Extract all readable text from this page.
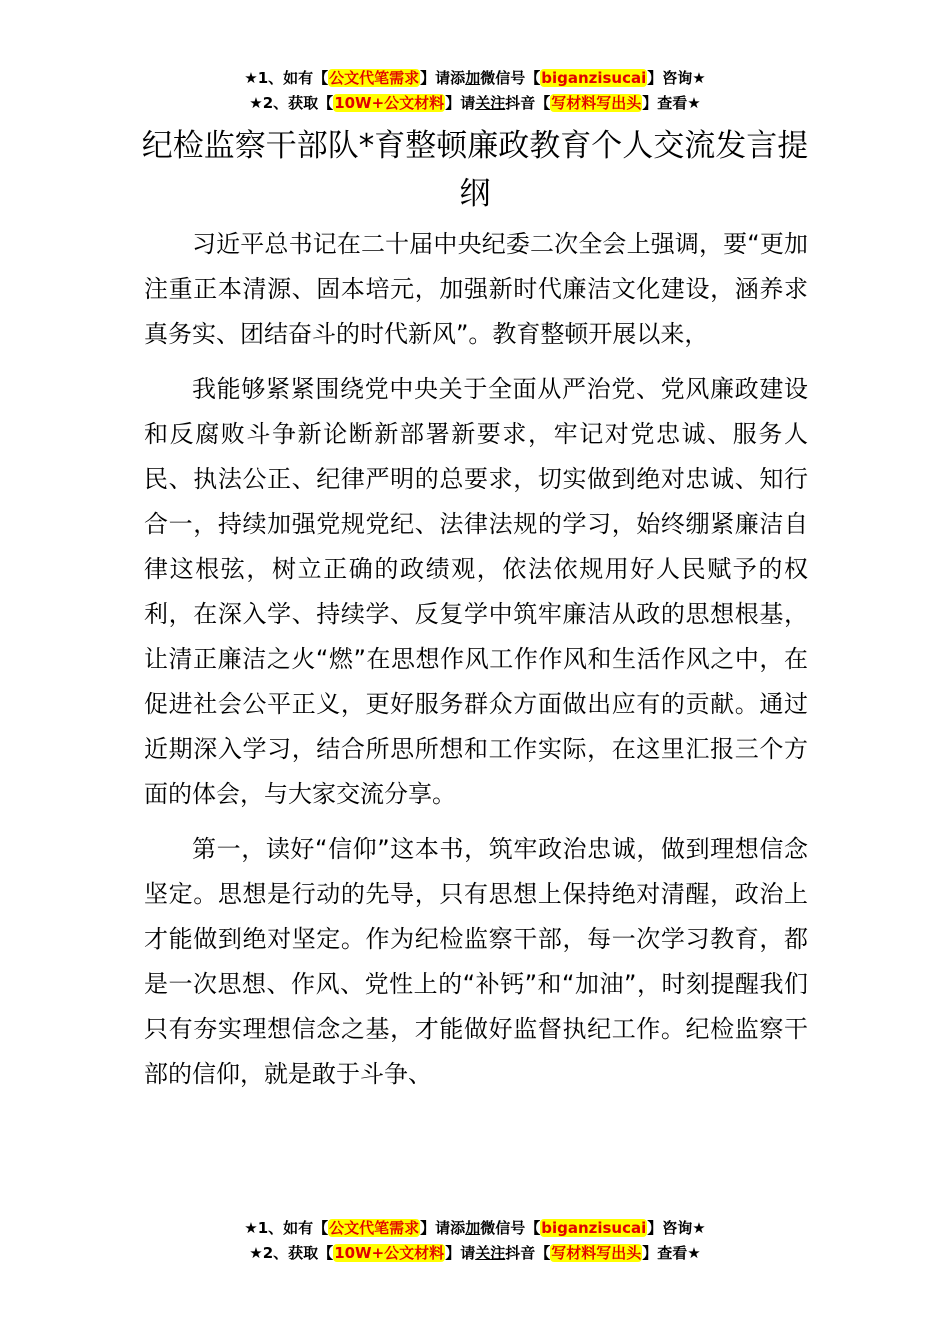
★1、如有【公文代笔需求】请添加微信号【biganzisucai】咨询★
★2、获取【10W+公文材料】请关注抖音【写材料写出头】查看★
纪检监察干部队*育整顿廉政教育个人交流发言提纲

习近平总书记在二十届中央纪委二次全会上强调，要“更加注重正本清源、固本培元，加强新时代廉洁文化建设，涵养求真务实、团结奋斗的时代新风”。教育整顿开展以来，

我能够紧紧围绕党中央关于全面从严治党、党风廉政建设和反腐败斗争新论断新部署新要求，牢记对党忠诚、服务人民、执法公正、纪律严明的总要求，切实做到绝对忠诚、知行合一，持续加强党规党纪、法律法规的学习，始终绷紧廉洁自律这根弦，树立正确的政绩观，依法依规用好人民赋予的权利，在深入学、持续学、反复学中筑牢廉洁从政的思想根基，让清正廉洁之火“燃”在思想作风工作作风和生活作风之中，在促进社会公平正义，更好服务群众方面做出应有的贡献。通过近期深入学习，结合所思所想和工作实际，在这里汇报三个方面的体会，与大家交流分享。

第一，读好“信仰”这本书，筑牢政治忠诚，做到理想信念坚定。思想是行动的先导，只有思想上保持绝对清醒，政治上才能做到绝对坚定。作为纪检监察干部，每一次学习教育，都是一次思想、作风、党性上的“补钙”和“加油”，时刻提醒我们只有夯实理想信念之基，才能做好监督执纪工作。纪检监察干部的信仰，就是敢于斗争、

★1、如有【公文代笔需求】请添加微信号【biganzisucai】咨询★
★2、获取【10W+公文材料】请关注抖音【写材料写出头】查看★
